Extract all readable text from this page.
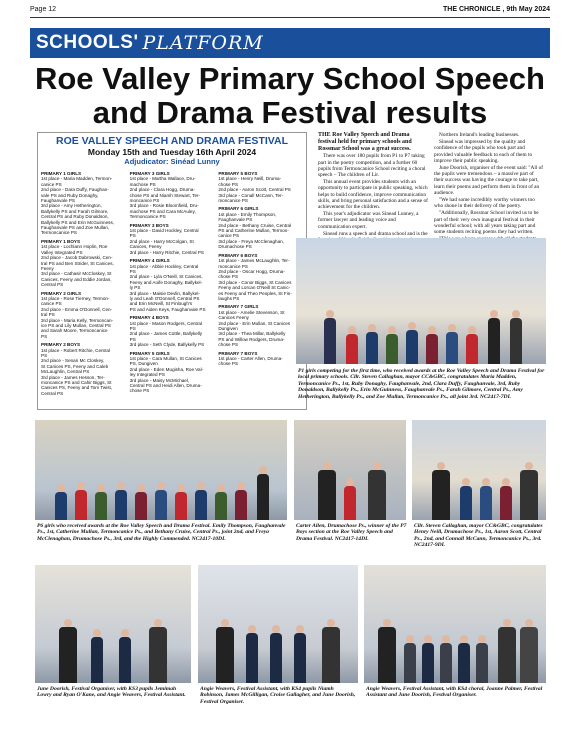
Page 12	THE CHRONICLE , 9th May 2024
SCHOOLS' PLATFORM
Roe Valley Primary School Speech and Drama Festival results
ROE VALLEY SPEECH AND DRAMA FESTIVAL
Monday 15th and Tuesday 16th April 2024
Adjudicator: Sinéad Lunny
PRIMARY 1 GIRLS
1st place - Maria Madden, Termon-
canice PS
2nd place - Dara Duffy, Faughan-
vale PS and Ruby Donaghy,
Faughanvale PS
3rd place - Amy Hetherington,
Ballykelly PS and Farah Gilmore,
Central PS and Ruby Donaldson,
Ballykelly PS and Erin McGuinness,
Faughanvale PS and Zoe Mullan,
Termoncanice PS
PRIMARY 1 BOYS
1st place - Lochlann Hoplin, Roe
Valley Integrated PS
2nd place - Jacob Dabrowski, Cen-
tral PS and Ben Strider, St Canices,
Feeny
3rd place - Cathasir McCloskey, St
Canices, Feeny and Eddie Jordan,
Central PS
PRIMARY 2 GIRLS
1st place - Rose Tierney, Termon-
canice PS
2nd place - Emma O'Donnell, Cen-
tral PS
3rd place - Maria Kelly, Termoncan-
ice PS and Lily Mullan, Central PS
and Sarah Moore, Termoncanice
PS
PRIMARY 2 BOYS
1st place - Robert Ritchie, Central
PS
2nd place - Senan Mc Closkey,
St Canices PS, Feeny and Caleb
McLaughlin, Central PS
3rd place - James Hesson, Ter-
moncanice PS and Cahir Biggs, St
Canices PS, Feeny and Tom Twist,
Central PS
PRIMARY 3 GIRLS
1st place - Martha Wallace, Dru-
machose PS
2nd place - Clara Hogg, Druma-
chose PS and Niamh Stewart, Ter-
moncanice PS
3rd place - Rosie Bloomfield, Dru-
machose PS and Cara McAuley,
Termoncanice PS
PRIMARY 3 BOYS
1st place - David Hockley, Central
PS
2nd place - Harry McColgan, St
Canices, Feeny
3rd place - Harry Ritchie, Central PS
PRIMARY 4 GIRLS
1st place - Abbie Hockley, Central
PS
2nd place - Lyla O'Neill, St Canices,
Feeny and Aoife Donaghy, Ballykel-
ly PS
3rd place - Maisie Devlin, Ballykel-
ly and Leah O'Donnell, Central PS
and Erin McNeill, St Finlough's
PS and Aiden Keys, Faughanvale PS
PRIMARY 4 BOYS
1st place - Mason Rodgers, Central
PS
2nd place - James Cottle, Ballykelly
PS
3rd place - Seth Clyde, Ballykelly PS
PRIMARY 5 GIRLS
1st place - Cara Mullan, St Canices
PS, Dungiven
2nd place - Eden Mugisha, Roe Val-
ley Integrated PS
3rd place - Maisy McMichael,
Central PS and Heidi Allen, Druma-
chose PS
PRIMARY 5 BOYS
1st place - Henry Neill, Druma-
chose PS
2nd place - Aaron Scott, Central PS
3rd place - Conall McCann, Ter-
moncanice PS
PRIMARY 6 GIRLS
1st place - Emily Thompson,
Faughanvale PS
2nd place - Bethany Cruise, Central
PS and Catherine Mullan, Termon-
canice PS
3rd place - Freya McClenaghan,
Drumachose PS
PRIMARY 6 BOYS
1st place - James McLaughlin, Ter-
moncanice PS
2nd place - Oscar Hogg, Druma-
chose PS
3rd place - Conor Biggs, St Canices
Feeny and Lorcan O'Neill St Canic-
es Feeny and Theo Peoples, St Fin-
laughs PS
PRIMARY 7 GIRLS
1st place - Amelie Stevenson, St
Canices Feeny
2nd place - Erin Mullan, St Canices
Dungiven
3rd place - Thea Millar, Ballykelly
PS and Willow Rodgers, Druma-
chose PS
PRIMARY 7 BOYS
1st place - Carter Allen, Druma-
chose PS

THE Roe Valley Speech and Drama festival held for primary schools and Rossmar School was a great success.

There was over 180 pupils from P1 to P7 taking part in the poetry competition, and a further 60 pupils from Termoncanice School reciting a choral speech – The children of Lir.

This annual event provides students with an opportunity to participate in public speaking, which helps to build confidence, improve communication skills, and bring personal satisfaction and a sense of achievement for the children.

This year's adjudicator was Sinead Lunney, a former lawyer and leading voice and communication expert.

Sinead runs a speech and drama school and is the

Northern Ireland's leading businesses.

Sinead was impressed by the quality and confidence of the pupils who took part and provided valuable feedback to each of them to improve their public speaking.

June Doorish, organiser of the event said: "All of the pupils were tremendous – a massive part of their success was having the courage to take part, learn their poems and perform them in front of an audience.

"We had some incredibly worthy winners too who shone in their delivery of the poetry.

"Additionally, Rossmar School invited us to be part of their very own inaugural festival in their wonderful school; with all years taking part and some students reciting poems they had written.

P1 girls competing for the first time, who received awards at the Roe Valley Speech and Drama Festival for local primary schools. Cllr. Steven Callaghan, mayor CC&GBC, congratulates Maria Madden, Termoncanice Ps., 1st, Ruby Donaghy, Faughanvale, 2nd, Clara Duffy, Faughanvale, 3rd, Ruby Donaldson, Ballykelly Ps., Erin McGuinness, Faughanvale Ps., Farah Gilmore, Central Ps., Amy Hetherington, Ballykelly Ps., and Zoe Mullan, Termoncanice Ps., all joint 3rd. NC2417-7DL
P6 girls who received awards at the Roe Valley Speech and Drama Festival. Emily Thompson, Faughanvale Ps., 1st, Catherine Mullan, Termoncanice Ps., and Bethany Cruise, Central Ps., joint 2nd, and Freya McClenaghan, Drumachose Ps., 3rd, and the Highly Commended. NC2417-10DL
Carter Allen, Drumachose Ps., winner of the P7 Boys section at the Roe Valley Speech and Drama Festival. NC2417-14DL
Cllr. Steven Callaghan, mayor CC&GBC, congratulates Henry Neill, Drumachose Ps., 1st, Aaron Scott, Central Ps., 2nd, and Connall McCann, Termoncanice Ps., 3rd. NC2417-9DL
June Doorish, Festival Organiser, with KS3 pupils Jemimah Lowry and Ryan O'Kane, and Angie Weavers, Festival Assistant.
Angie Weavers, Festival Assistant, with KS4 pupils Niamh Robinson, James McGilligan, Croise Gallagher, and June Doorish, Festival Organiser.
Angie Weavers, Festival Assistant, with KS4 choral, Joanne Palmer, Festival Assistant and June Doorish, Festival Organiser.
